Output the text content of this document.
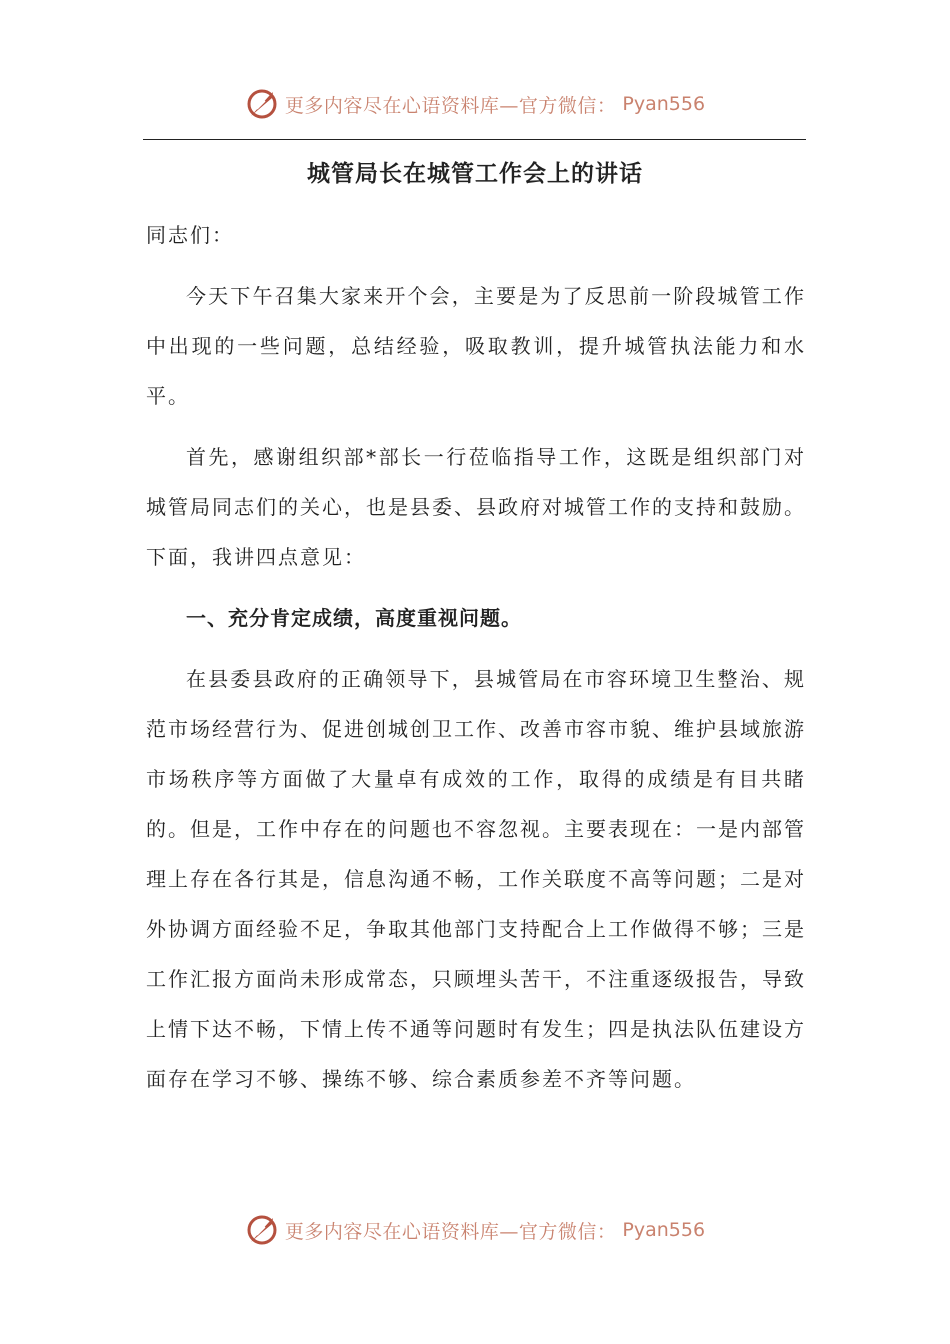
更多内容尽在心语资料库—官方微信： Pyan556
城管局长在城管工作会上的讲话

同志们：

今天下午召集大家来开个会，主要是为了反思前一阶段城管工作中出现的一些问题，总结经验，吸取教训，提升城管执法能力和水平。

首先，感谢组织部*部长一行莅临指导工作，这既是组织部门对城管局同志们的关心，也是县委、县政府对城管工作的支持和鼓励。下面，我讲四点意见：

一、充分肯定成绩，高度重视问题。

在县委县政府的正确领导下，县城管局在市容环境卫生整治、规范市场经营行为、促进创城创卫工作、改善市容市貌、维护县域旅游市场秩序等方面做了大量卓有成效的工作，取得的成绩是有目共睹的。但是，工作中存在的问题也不容忽视。主要表现在：一是内部管理上存在各行其是，信息沟通不畅，工作关联度不高等问题；二是对外协调方面经验不足，争取其他部门支持配合上工作做得不够；三是工作汇报方面尚未形成常态，只顾埋头苦干，不注重逐级报告，导致上情下达不畅，下情上传不通等问题时有发生；四是执法队伍建设方面存在学习不够、操练不够、综合素质参差不齐等问题。

更多内容尽在心语资料库—官方微信： Pyan556
